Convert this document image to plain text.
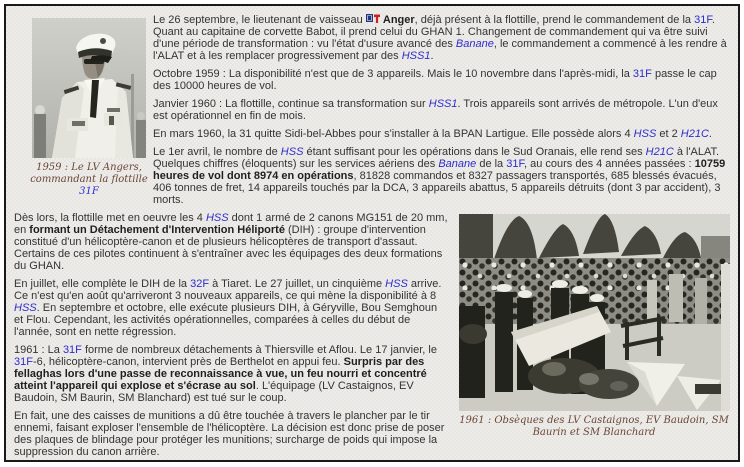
1959 : Le LV Angers,
commandant la flottille 31F

Le 26 septembre, le lieutenant de vaisseau  Anger, déjà présent à la flottille, prend le commandement de la 31F. Quant au capitaine de corvette Babot, il prend celui du GHAN 1. Changement de commandement qui va être suivi d'une période de transformation : vu l'état d'usure avancé des Banane, le commandement a commencé à les rendre à l'ALAT et à les remplacer progressivement par des HSS1.

Octobre 1959 : La disponibilité n'est que de 3 appareils. Mais le 10 novembre dans l'après-midi, la 31F passe le cap des 10000 heures de vol.

Janvier 1960 : La flottille, continue sa transformation sur HSS1. Trois appareils sont arrivés de métropole. L'un d'eux est opérationnel en fin de mois.

En mars 1960, la 31 quitte Sidi-bel-Abbes pour s'installer à la BPAN Lartigue. Elle possède alors 4 HSS et 2 H21C.

Le 1er avril, le nombre de HSS étant suffisant pour les opérations dans le Sud Oranais, elle rend ses H21C à l'ALAT. Quelques chiffres (éloquents) sur les services aériens des Banane de la 31F, au cours des 4 années passées : 10759 heures de vol dont 8974 en opérations, 81828 commandos et 8327 passagers transportés, 685 blessés évacués, 406 tonnes de fret, 14 appareils touchés par la DCA, 3 appareils abattus, 5 appareils détruits (dont 3 par accident), 3 morts.

1961 : Obsèques des LV Castaignos, EV Baudoin, SM Baurin et SM Blanchard

Dès lors, la flottille met en oeuvre les 4 HSS dont 1 armé de 2 canons MG151 de 20 mm, en formant un Détachement d'Intervention Héliporté (DIH) : groupe d'intervention constitué d'un hélicoptère-canon et de plusieurs hélicoptères de transport d'assaut. Certains de ces pilotes continuent à s'entraîner avec les équipages des deux formations du GHAN.

En juillet, elle complète le DIH de la 32F à Tiaret. Le 27 juillet, un cinquième HSS arrive. Ce n'est qu'en août qu'arriveront 3 nouveaux appareils, ce qui mène la disponibilité à 8 HSS. En septembre et octobre, elle exécute plusieurs DIH, à Géryville, Bou Semghoun et Flou. Cependant, les activités opérationnelles, comparées à celles du début de l'année, sont en nette régression.

1961 : La 31F forme de nombreux détachements à Thiersville et Aflou. Le 17 janvier, le 31F-6, hélicoptère-canon, intervient près de Berthelot en appui feu. Surpris par des fellaghas lors d'une passe de reconnaissance à vue, un feu nourri et concentré atteint l'appareil qui explose et s'écrase au sol. L'équipage (LV Castaignos, EV Baudoin, SM Baurin, SM Blanchard) est tué sur le coup.

En fait, une des caisses de munitions a dû être touchée à travers le plancher par le tir ennemi, faisant exploser l'ensemble de l'hélicoptère. La décision est donc prise de poser des plaques de blindage pour protéger les munitions; surcharge de poids qui impose la suppression du canon arrière.
